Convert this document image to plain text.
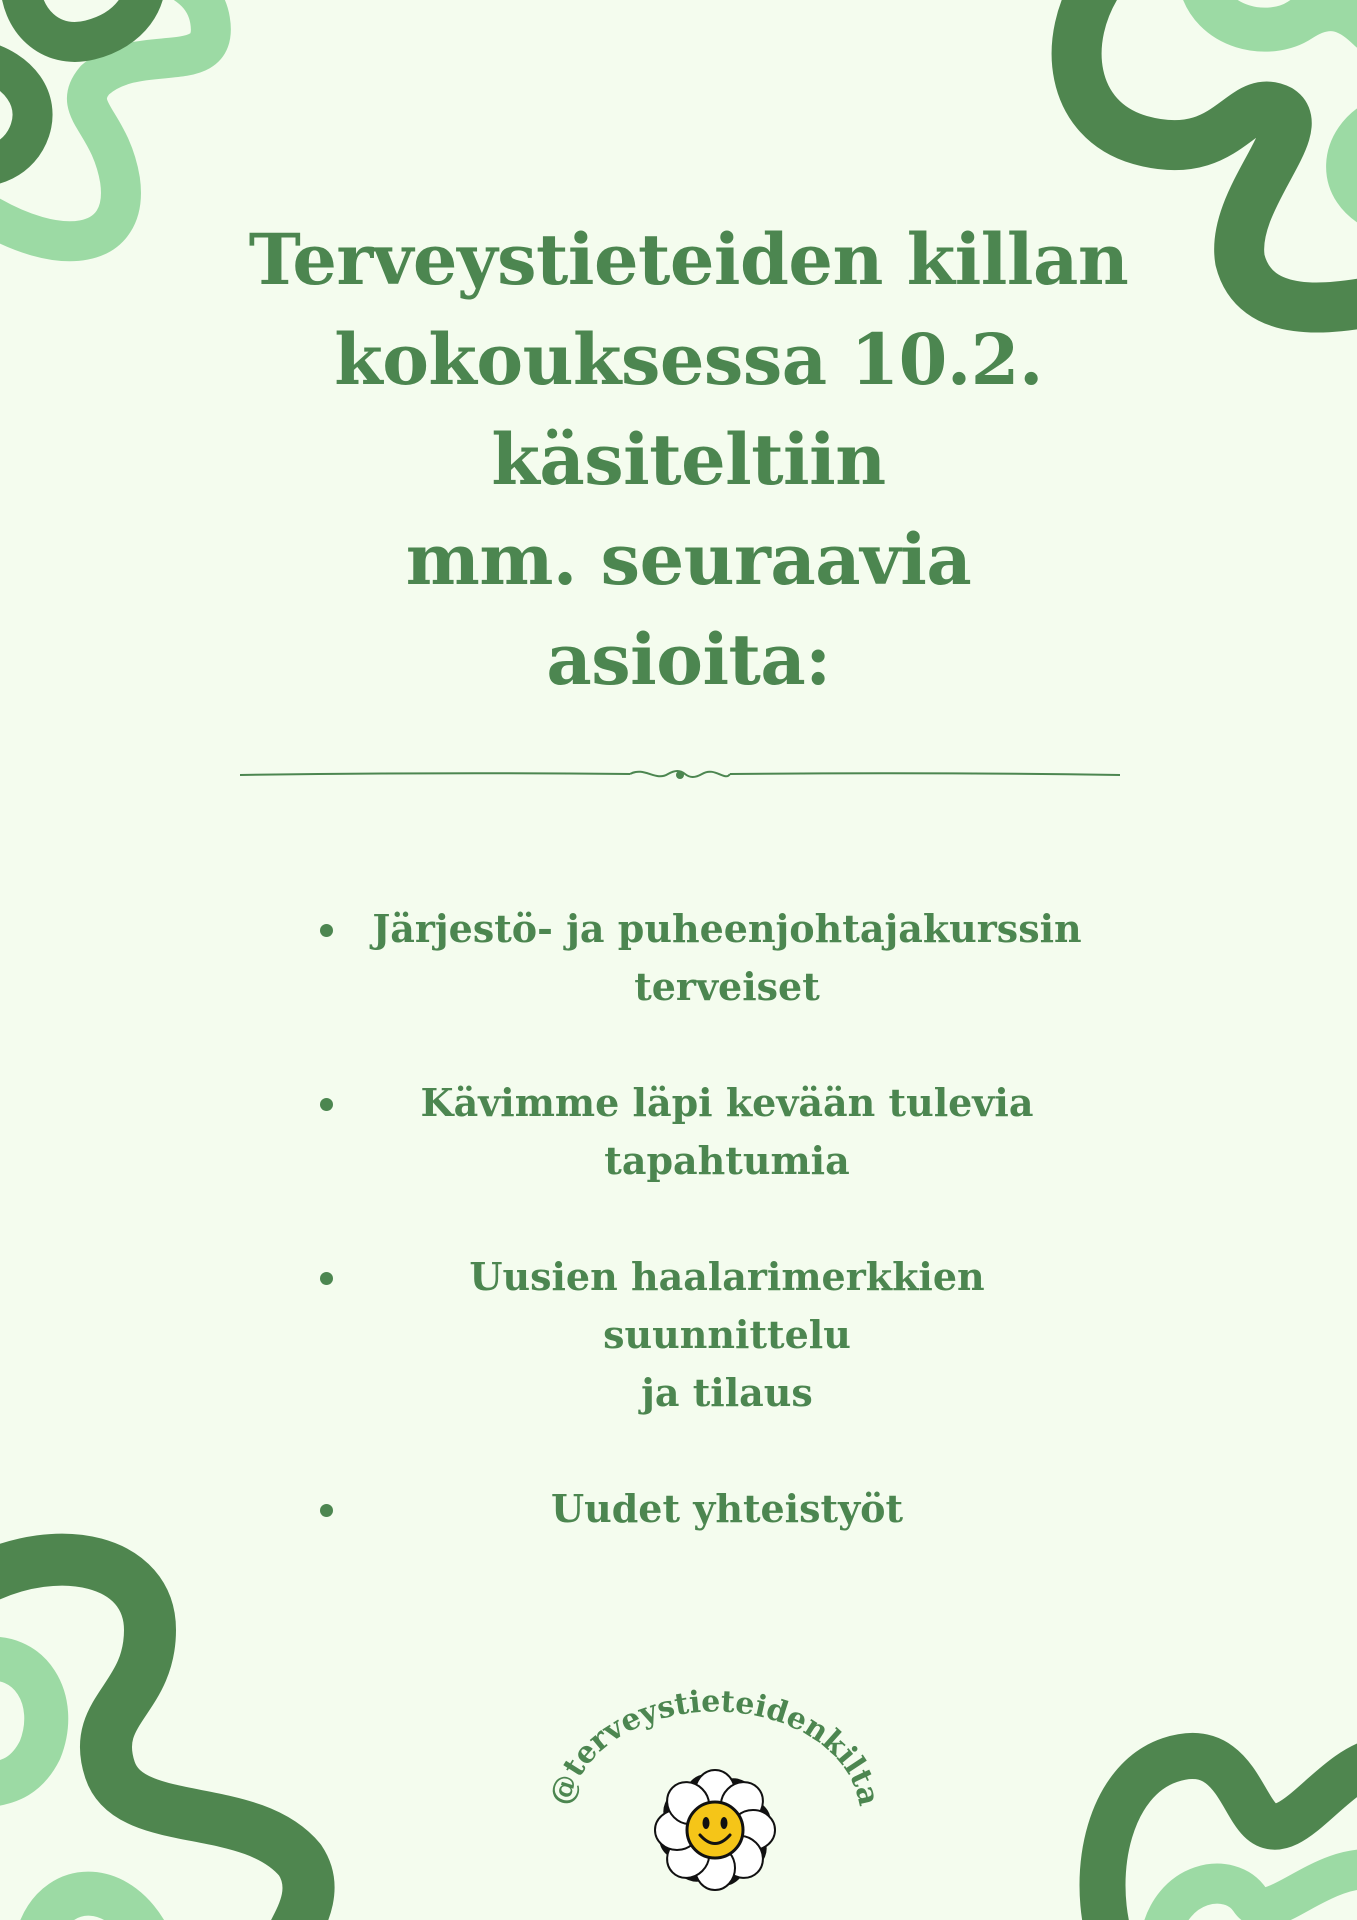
Terveystieteiden killan
kokouksessa 10.2. käsiteltiin
mm. seuraavia
asioita:
Järjestö- ja puheenjohtajakurssin
terveiset
Kävimme läpi kevään tulevia
tapahtumia
Uusien haalarimerkkien suunnittelu
ja tilaus
Uudet yhteistyöt
@terveystieteidenkilt
